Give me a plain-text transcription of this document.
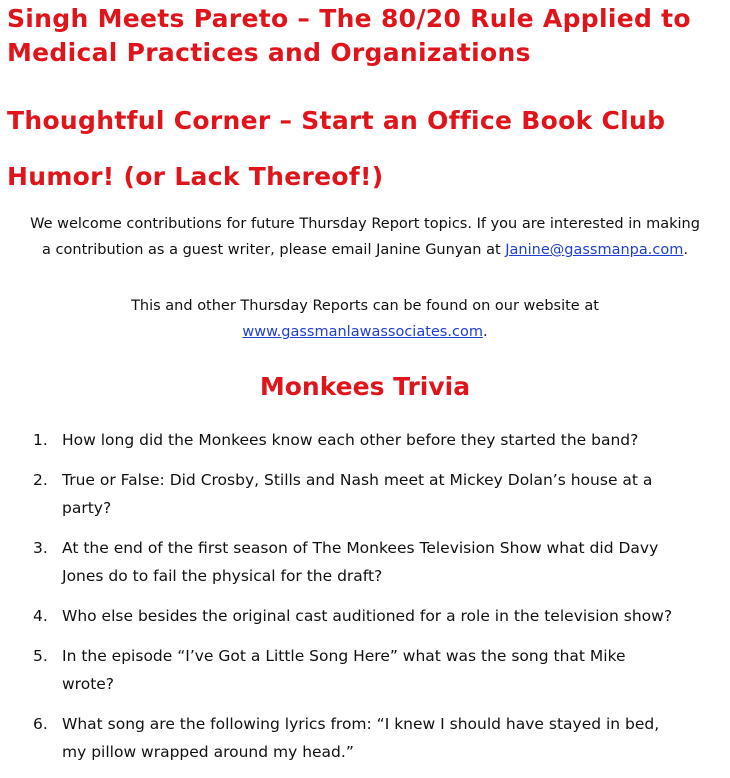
Singh Meets Pareto – The 80/20 Rule Applied to
Medical Practices and Organizations
Thoughtful Corner – Start an Office Book Club
Humor! (or Lack Thereof!)

We welcome contributions for future Thursday Report topics. If you are interested in making
a contribution as a guest writer, please email Janine Gunyan at Janine@gassmanpa.com.

This and other Thursday Reports can be found on our website at
www.gassmanlawassociates.com.

Monkees Trivia
1. How long did the Monkees know each other before they started the band?
2. True or False: Did Crosby, Stills and Nash meet at Mickey Dolan’s house at a
party?
3. At the end of the first season of The Monkees Television Show what did Davy
Jones do to fail the physical for the draft?
4. Who else besides the original cast auditioned for a role in the television show?
5. In the episode “I’ve Got a Little Song Here” what was the song that Mike
wrote?
6. What song are the following lyrics from: “I knew I should have stayed in bed,
my pillow wrapped around my head.”
